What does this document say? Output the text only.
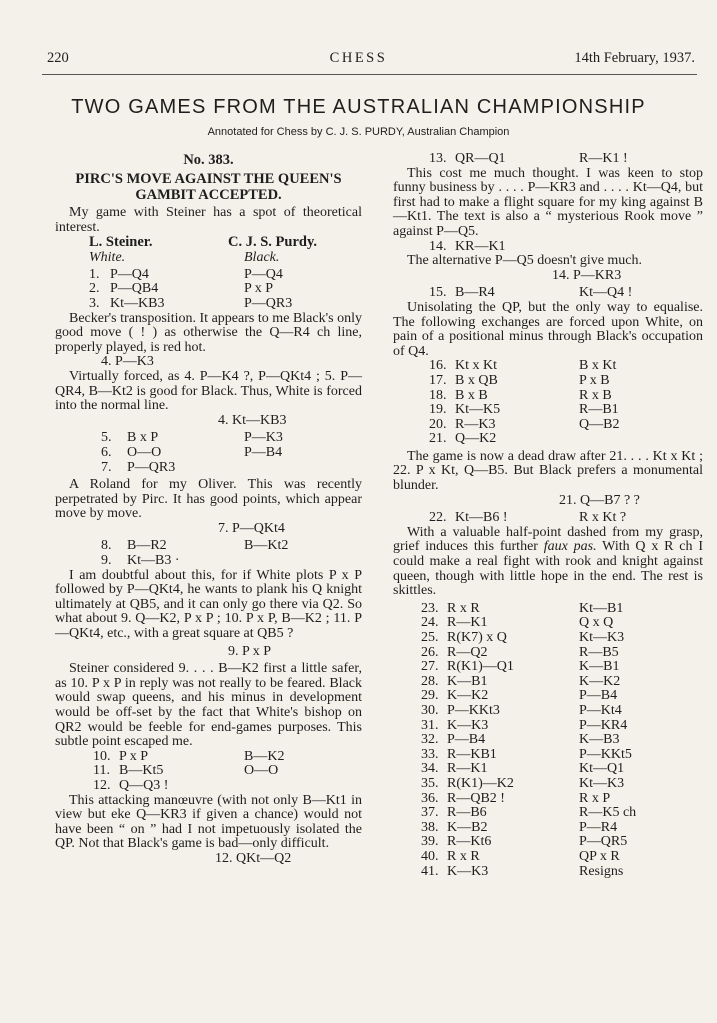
220	CHESS	14th February, 1937.
TWO GAMES FROM THE AUSTRALIAN CHAMPIONSHIP
Annotated for Chess by C. J. S. PURDY, Australian Champion
No. 383.
PIRC'S MOVE AGAINST THE QUEEN'S GAMBIT ACCEPTED.

My game with Steiner has a spot of theoretical interest.

L. Steiner.	C. J. S. Purdy.
White.	Black.
1. P—Q4	P—Q4
2. P—QB4	P x P
3. Kt—KB3	P—QR3

Becker's transposition. It appears to me Black's only good move ( ! ) as otherwise the Q—R4 ch line, properly played, is red hot.

4. P—K3

Virtually forced, as 4. P—K4 ?, P—QKt4 ; 5. P—QR4, B—Kt2 is good for Black. Thus, White is forced into the normal line.

4. Kt—KB3
5. B x P	P—K3
6. O—O	P—B4
7. P—QR3

A Roland for my Oliver. This was recently perpetrated by Pirc. It has good points, which appear move by move.

7. P—QKt4
8. B—R2	B—Kt2
9. Kt—B3 ·

I am doubtful about this, for if White plots P x P followed by P—QKt4, he wants to plank his Q knight ultimately at QB5, and it can only go there via Q2. So what about 9. Q—K2, P x P ; 10. P x P, B—K2 ; 11. P—QKt4, etc., with a great square at QB5 ?

9. P x P

Steiner considered 9. . . . B—K2 first a little safer, as 10. P x P in reply was not really to be feared. Black would swap queens, and his minus in development would be off-set by the fact that White's bishop on QR2 would be feeble for end-games purposes. This subtle point escaped me.

10. P x P	B—K2
11. B—Kt5	O—O
12. Q—Q3 !

This attacking manœuvre (with not only B—Kt1 in view but eke Q—KR3 if given a chance) would not have been “ on ” had I not impetuously isolated the QP. Not that Black's game is bad—only difficult.

12. QKt—Q2
13. QR—Q1	R—K1 !

This cost me much thought. I was keen to stop funny business by . . . . P—KR3 and . . . . Kt—Q4, but first had to make a flight square for my king against B—Kt1. The text is also a “ mysterious Rook move ” against P—Q5.

14. KR—K1

The alternative P—Q5 doesn't give much.

14. P—KR3
15. B—R4	Kt—Q4 !

Unisolating the QP, but the only way to equalise. The following exchanges are forced upon White, on pain of a positional minus through Black's occupation of Q4.

16. Kt x Kt	B x Kt
17. B x QB	P x B
18. B x B	R x B
19. Kt—K5	R—B1
20. R—K3	Q—B2
21. Q—K2

The game is now a dead draw after 21. . . . Kt x Kt ; 22. P x Kt, Q—B5. But Black prefers a monumental blunder.

21. Q—B7 ? ?
22. Kt—B6 !	R x Kt ?

With a valuable half-point dashed from my grasp, grief induces this further faux pas. With Q x R ch I could make a real fight with rook and knight against queen, though with little hope in the end. The rest is skittles.

23. R x R	Kt—B1
24. R—K1	Q x Q
25. R(K7) x Q	Kt—K3
26. R—Q2	R—B5
27. R(K1)—Q1	K—B1
28. K—B1	K—K2
29. K—K2	P—B4
30. P—KKt3	P—Kt4
31. K—K3	P—KR4
32. P—B4	K—B3
33. R—KB1	P—KKt5
34. R—K1	Kt—Q1
35. R(K1)—K2	Kt—K3
36. R—QB2 !	R x P
37. R—B6	R—K5 ch
38. K—B2	P—R4
39. R—Kt6	P—QR5
40. R x R	QP x R
41. K—K3	Resigns
